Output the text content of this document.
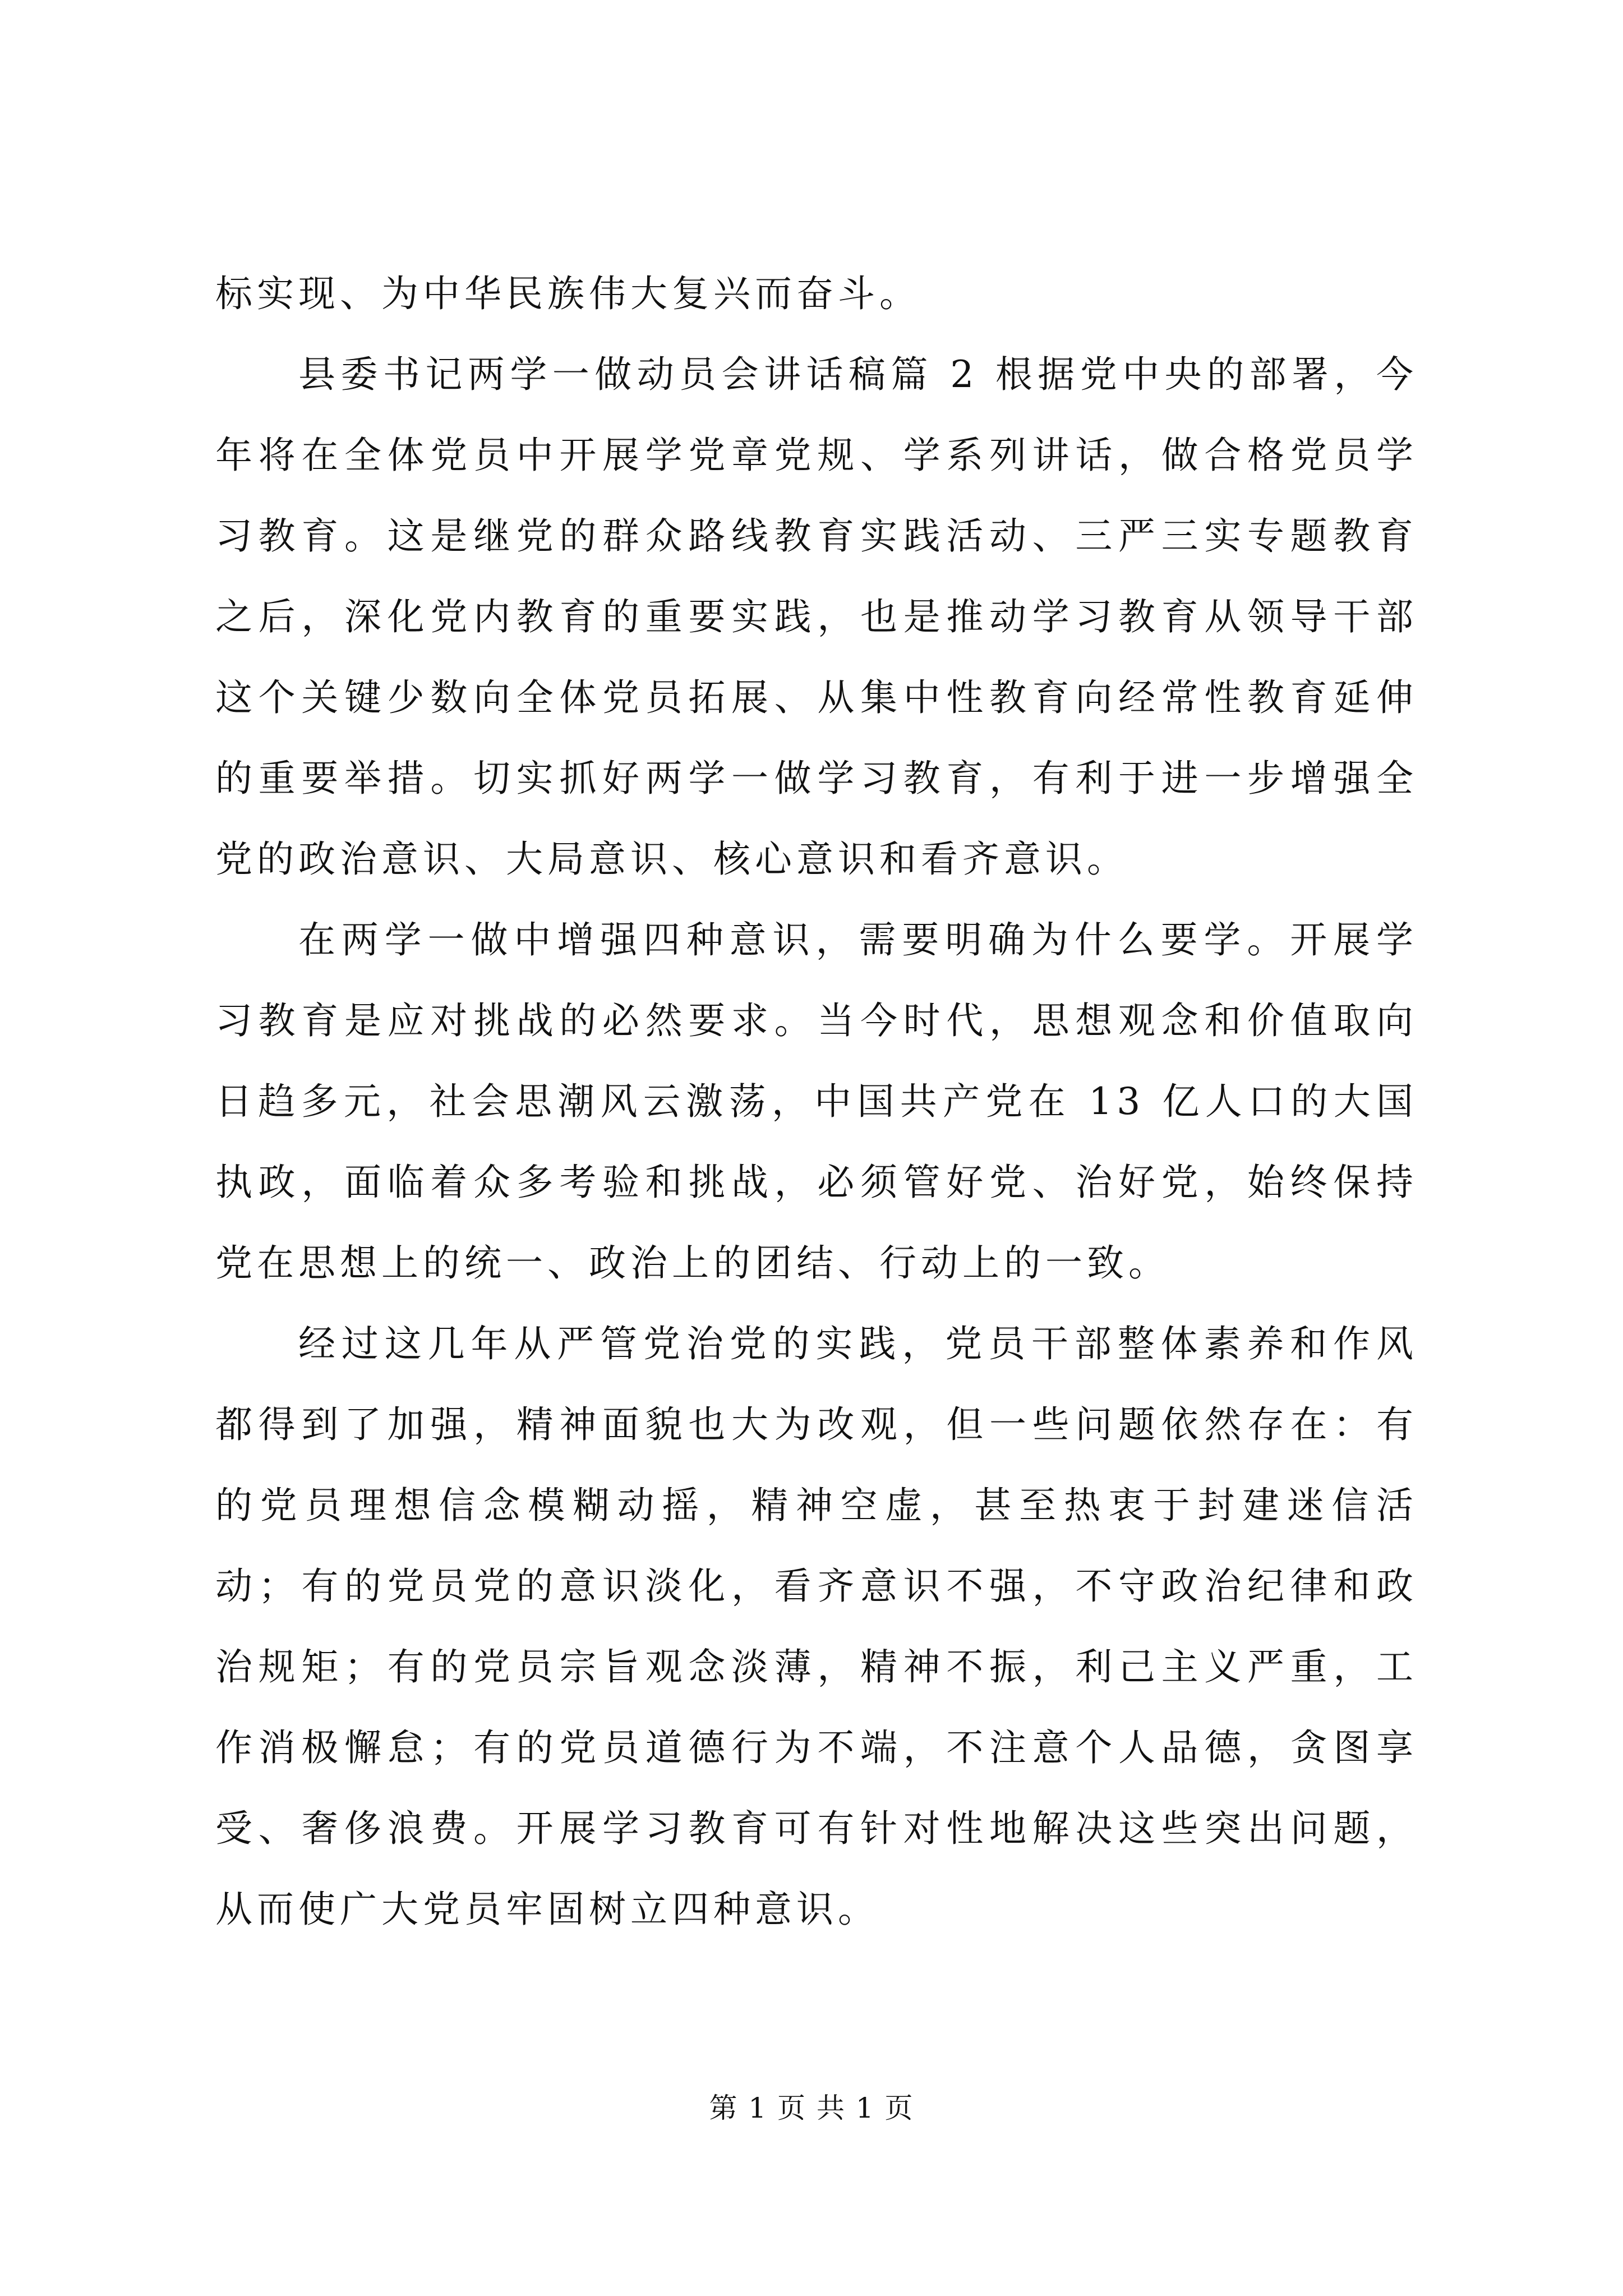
标实现、为中华民族伟大复兴而奋斗。

县委书记两学一做动员会讲话稿篇 2 根据党中央的部署，今年将在全体党员中开展学党章党规、学系列讲话，做合格党员学习教育。这是继党的群众路线教育实践活动、三严三实专题教育之后，深化党内教育的重要实践，也是推动学习教育从领导干部这个关键少数向全体党员拓展、从集中性教育向经常性教育延伸的重要举措。切实抓好两学一做学习教育，有利于进一步增强全党的政治意识、大局意识、核心意识和看齐意识。

在两学一做中增强四种意识，需要明确为什么要学。开展学习教育是应对挑战的必然要求。当今时代，思想观念和价值取向日趋多元，社会思潮风云激荡，中国共产党在 13 亿人口的大国执政，面临着众多考验和挑战，必须管好党、治好党，始终保持党在思想上的统一、政治上的团结、行动上的一致。

经过这几年从严管党治党的实践，党员干部整体素养和作风都得到了加强，精神面貌也大为改观，但一些问题依然存在：有的党员理想信念模糊动摇，精神空虚，甚至热衷于封建迷信活动；有的党员党的意识淡化，看齐意识不强，不守政治纪律和政治规矩；有的党员宗旨观念淡薄，精神不振，利己主义严重，工作消极懈怠；有的党员道德行为不端，不注意个人品德，贪图享受、奢侈浪费。开展学习教育可有针对性地解决这些突出问题，从而使广大党员牢固树立四种意识。

第 1 页 共 1 页
